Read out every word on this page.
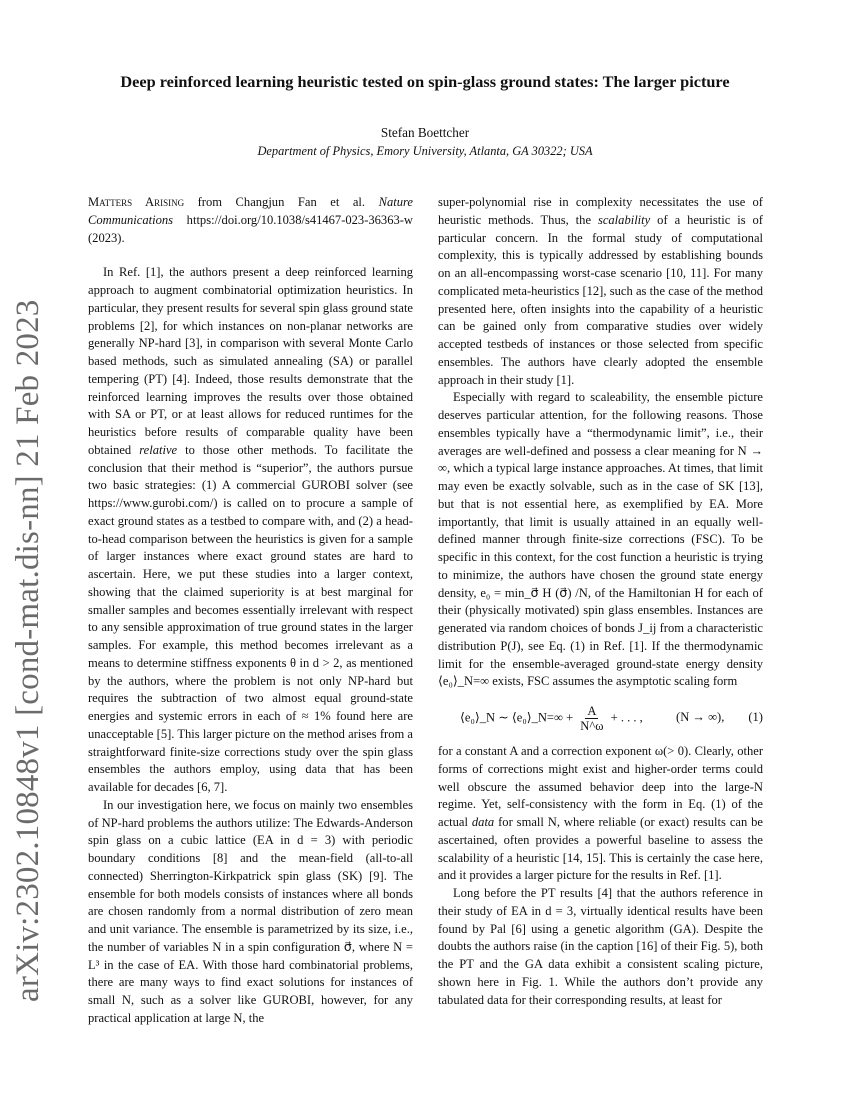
arXiv:2302.10848v1 [cond-mat.dis-nn] 21 Feb 2023
Deep reinforced learning heuristic tested on spin-glass ground states: The larger picture
Stefan Boettcher
Department of Physics, Emory University, Atlanta, GA 30322; USA

Matters Arising from Changjun Fan et al. Nature Communications https://doi.org/10.1038/s41467-023-36363-w (2023).

In Ref. [1], the authors present a deep reinforced learning approach to augment combinatorial optimization heuristics. In particular, they present results for several spin glass ground state problems [2], for which instances on non-planar networks are generally NP-hard [3], in comparison with several Monte Carlo based methods, such as simulated annealing (SA) or parallel tempering (PT) [4]. Indeed, those results demonstrate that the reinforced learning improves the results over those obtained with SA or PT, or at least allows for reduced runtimes for the heuristics before results of comparable quality have been obtained relative to those other methods. To facilitate the conclusion that their method is “superior”, the authors pursue two basic strategies: (1) A commercial GUROBI solver (see https://www.gurobi.com/) is called on to procure a sample of exact ground states as a testbed to compare with, and (2) a head-to-head comparison between the heuristics is given for a sample of larger instances where exact ground states are hard to ascertain. Here, we put these studies into a larger context, showing that the claimed superiority is at best marginal for smaller samples and becomes essentially irrelevant with respect to any sensible approximation of true ground states in the larger samples. For example, this method becomes irrelevant as a means to determine stiffness exponents θ in d > 2, as mentioned by the authors, where the problem is not only NP-hard but requires the subtraction of two almost equal ground-state energies and systemic errors in each of ≈ 1% found here are unacceptable [5]. This larger picture on the method arises from a straightforward finite-size corrections study over the spin glass ensembles the authors employ, using data that has been available for decades [6, 7].

In our investigation here, we focus on mainly two ensembles of NP-hard problems the authors utilize: The Edwards-Anderson spin glass on a cubic lattice (EA in d = 3) with periodic boundary conditions [8] and the mean-field (all-to-all connected) Sherrington-Kirkpatrick spin glass (SK) [9]. The ensemble for both models consists of instances where all bonds are chosen randomly from a normal distribution of zero mean and unit variance. The ensemble is parametrized by its size, i.e., the number of variables N in a spin configuration σ⃗, where N = L³ in the case of EA. With those hard combinatorial problems, there are many ways to find exact solutions for instances of small N, such as a solver like GUROBI, however, for any practical application at large N, the

super-polynomial rise in complexity necessitates the use of heuristic methods. Thus, the scalability of a heuristic is of particular concern. In the formal study of computational complexity, this is typically addressed by establishing bounds on an all-encompassing worst-case scenario [10, 11]. For many complicated meta-heuristics [12], such as the case of the method presented here, often insights into the capability of a heuristic can be gained only from comparative studies over widely accepted testbeds of instances or those selected from specific ensembles. The authors have clearly adopted the ensemble approach in their study [1].

Especially with regard to scaleability, the ensemble picture deserves particular attention, for the following reasons. Those ensembles typically have a “thermodynamic limit”, i.e., their averages are well-defined and possess a clear meaning for N → ∞, which a typical large instance approaches. At times, that limit may even be exactly solvable, such as in the case of SK [13], but that is not essential here, as exemplified by EA. More importantly, that limit is usually attained in an equally well-defined manner through finite-size corrections (FSC). To be specific in this context, for the cost function a heuristic is trying to minimize, the authors have chosen the ground state energy density, e₀ = min_σ⃗ H (σ⃗) /N, of the Hamiltonian H for each of their (physically motivated) spin glass ensembles. Instances are generated via random choices of bonds J_ij from a characteristic distribution P(J), see Eq. (1) in Ref. [1]. If the thermodynamic limit for the ensemble-averaged ground-state energy density ⟨e₀⟩_N=∞ exists, FSC assumes the asymptotic scaling form

⟨e₀⟩_N ∼ ⟨e₀⟩_N=∞ + $\frac{A}{N\^{}\omega}$ + . . . ,	(N → ∞), (1)

for a constant A and a correction exponent ω(> 0). Clearly, other forms of corrections might exist and higher-order terms could well obscure the assumed behavior deep into the large-N regime. Yet, self-consistency with the form in Eq. (1) of the actual data for small N, where reliable (or exact) results can be ascertained, often provides a powerful baseline to assess the scalability of a heuristic [14, 15]. This is certainly the case here, and it provides a larger picture for the results in Ref. [1].

Long before the PT results [4] that the authors reference in their study of EA in d = 3, virtually identical results have been found by Pal [6] using a genetic algorithm (GA). Despite the doubts the authors raise (in the caption [16] of their Fig. 5), both the PT and the GA data exhibit a consistent scaling picture, shown here in Fig. 1. While the authors don’t provide any tabulated data for their corresponding results, at least for
